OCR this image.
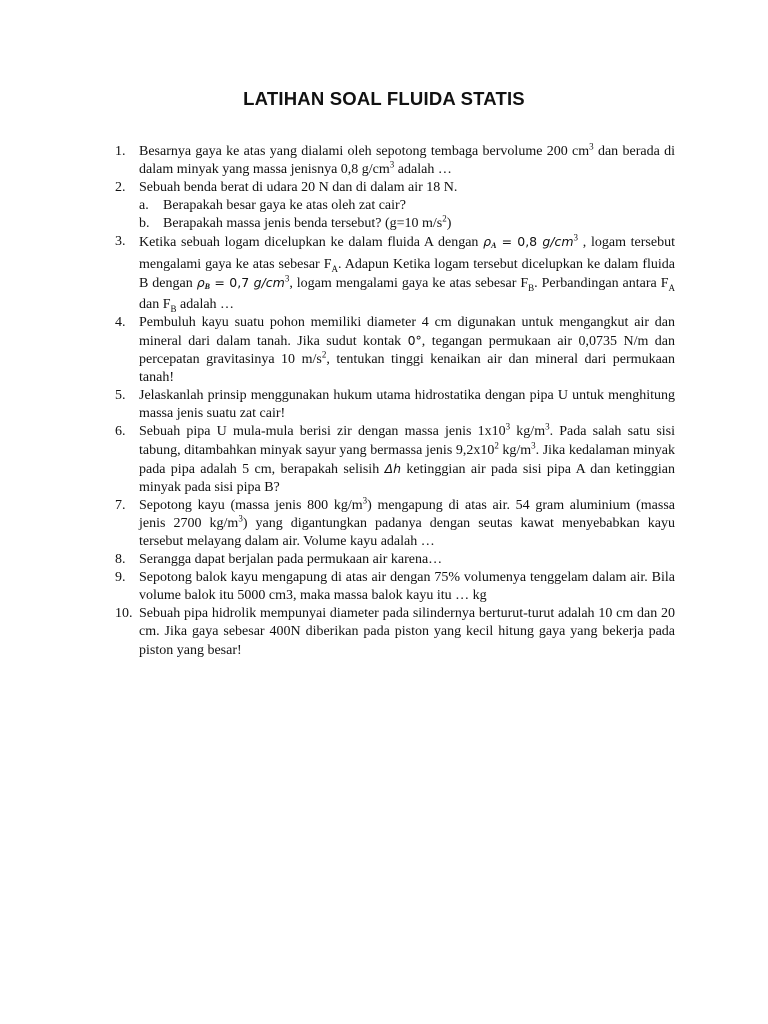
LATIHAN SOAL FLUIDA STATIS
1. Besarnya gaya ke atas yang dialami oleh sepotong tembaga bervolume 200 $cm^3$ dan berada di dalam minyak yang massa jenisnya 0,8 $g/cm^3$ adalah …
2. Sebuah benda berat di udara 20 N dan di dalam air 18 N.
a. Berapakah besar gaya ke atas oleh zat cair?
b. Berapakah massa jenis benda tersebut? (g=10 $m/s^2$)
3. Ketika sebuah logam dicelupkan ke dalam fluida A dengan ρA = 0,8 $g/cm^3$ , logam tersebut mengalami gaya ke atas sebesar $F_A$. Adapun Ketika logam tersebut dicelupkan ke dalam fluida B dengan ρB = 0,7 $g/cm^3$, logam mengalami gaya ke atas sebesar $F_B$. Perbandingan antara $F_A$ dan $F_B$ adalah …
4. Pembuluh kayu suatu pohon memiliki diameter 4 cm digunakan untuk mengangkut air dan mineral dari dalam tanah. Jika sudut kontak 0°, tegangan permukaan air 0,0735 N/m dan percepatan gravitasinya 10 $m/s^2$, tentukan tinggi kenaikan air dan mineral dari permukaan tanah!
5. Jelaskanlah prinsip menggunakan hukum utama hidrostatika dengan pipa U untuk menghitung massa jenis suatu zat cair!
6. Sebuah pipa U mula-mula berisi zir dengan massa jenis $1x10^3$ $kg/m^3$. Pada salah satu sisi tabung, ditambahkan minyak sayur yang bermassa jenis $9,2x10^2$ $kg/m^3$. Jika kedalaman minyak pada pipa adalah 5 cm, berapakah selisih Δh ketinggian air pada sisi pipa A dan ketinggian minyak pada sisi pipa B?
7. Sepotong kayu (massa jenis 800 $kg/m^3$) mengapung di atas air. 54 gram aluminium (massa jenis 2700 $kg/m^3$) yang digantungkan padanya dengan seutas kawat menyebabkan kayu tersebut melayang dalam air. Volume kayu adalah …
8. Serangga dapat berjalan pada permukaan air karena…
9. Sepotong balok kayu mengapung di atas air dengan 75% volumenya tenggelam dalam air. Bila volume balok itu 5000 cm3, maka massa balok kayu itu … kg
10. Sebuah pipa hidrolik mempunyai diameter pada silindernya berturut-turut adalah 10 cm dan 20 cm. Jika gaya sebesar 400N diberikan pada piston yang kecil hitung gaya yang bekerja pada piston yang besar!
